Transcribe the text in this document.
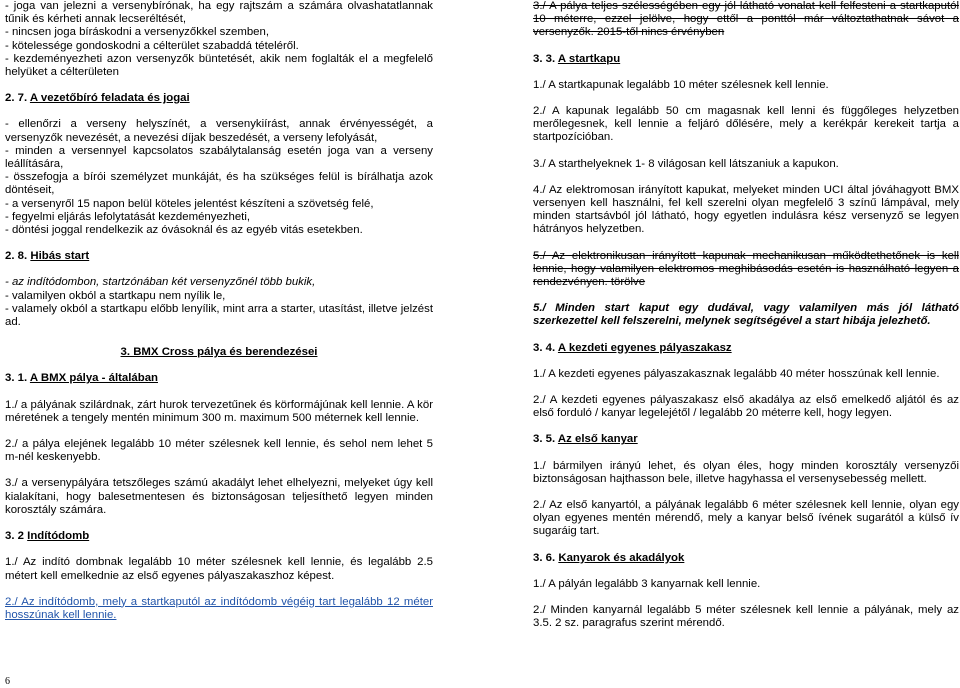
- joga van jelezni a versenybírónak, ha egy rajtszám a számára olvashatatlannak tűnik és kérheti annak lecseréltését,

- nincsen joga bíráskodni a versenyzőkkel szemben,

- kötelessége gondoskodni a célterület szabaddá tételéről.

- kezdeményezheti azon versenyzők büntetését, akik nem foglalták el a megfelelő helyüket a célterületen

2. 7. A vezetőbíró feladata és jogai

- ellenőrzi a verseny helyszínét, a versenykiírást, annak érvényességét, a versenyzők nevezését, a nevezési díjak beszedését, a verseny lefolyását,

- minden a versennyel kapcsolatos szabálytalanság esetén joga van a verseny leállítására,

- összefogja a bírói személyzet munkáját, és ha szükséges felül is bírálhatja azok döntéseit,

- a versenyről 15 napon belül köteles jelentést készíteni a szövetség felé,

- fegyelmi eljárás lefolytatását kezdeményezheti,

- döntési joggal rendelkezik az óvásoknál és az egyéb vitás esetekben.

2. 8. Hibás start

- az indítódombon, startzónában két versenyzőnél több bukik,

- valamilyen okból a startkapu nem nyílik le,

- valamely okból a startkapu előbb lenyílik, mint arra a starter, utasítást, illetve jelzést ad.

3. BMX Cross pálya és berendezései

3. 1. A BMX pálya - általában

1./ a pályának szilárdnak, zárt hurok tervezetűnek és körformájúnak kell lennie. A kör méretének a tengely mentén minimum 300 m. maximum 500 méternek kell lennie.

2./ a pálya elejének legalább 10 méter szélesnek kell lennie, és sehol nem lehet 5 m-nél keskenyebb.

3./ a versenypályára tetszőleges számú akadályt lehet elhelyezni, melyeket úgy kell kialakítani, hogy balesetmentesen és biztonságosan teljesíthető legyen minden korosztály számára.

3. 2 Indítódomb

1./ Az indító dombnak legalább 10 méter szélesnek kell lennie, és legalább 2.5 métert kell emelkednie az első egyenes pályaszakaszhoz képest.

2./ Az indítódomb, mely a startkaputól az indítódomb végéig tart legalább 12 méter hosszúnak kell lennie.

3./ A pálya teljes szélességében egy jól látható vonalat kell felfesteni a startkaputól 10 méterre, ezzel jelölve, hogy ettől a ponttól már változtathatnak sávot a versenyzők. 2015-től nincs érvényben

3. 3. A startkapu

1./ A startkapunak legalább 10 méter szélesnek kell lennie.

2./ A kapunak legalább 50 cm magasnak kell lenni és függőleges helyzetben merőlegesnek, kell lennie a feljáró dőlésére, mely a kerékpár kerekeit tartja a startpozícióban.

3./ A starthelyeknek 1- 8 világosan kell látszaniuk a kapukon.

4./ Az elektromosan irányított kapukat, melyeket minden UCI által jóváhagyott BMX versenyen kell használni, fel kell szerelni olyan megfelelő 3 színű lámpával, mely minden startsávból jól látható, hogy egyetlen indulásra kész versenyző se legyen hátrányos helyzetben.

5./ Az elektronikusan irányított kapunak mechanikusan működtethetőnek is kell lennie, hogy valamilyen elektromos meghibásodás esetén is használható legyen a rendezvényen. törölve

5./ Minden start kaput egy dudával, vagy valamilyen más jól látható szerkezettel kell felszerelni, melynek segítségével a start hibája jelezhető.

3. 4. A kezdeti egyenes pályaszakasz

1./ A kezdeti egyenes pályaszakasznak legalább 40 méter hosszúnak kell lennie.

2./ A kezdeti egyenes pályaszakasz első akadálya az első emelkedő aljától és az első forduló / kanyar legelejétől / legalább 20 méterre kell, hogy legyen.

3. 5. Az első kanyar

1./ bármilyen irányú lehet, és olyan éles, hogy minden korosztály versenyzői biztonságosan hajthasson bele, illetve hagyhassa el versenysebesség mellett.

2./ Az első kanyartól, a pályának legalább 6 méter szélesnek kell lennie, olyan egy olyan egyenes mentén mérendő, mely a kanyar belső ívének sugarától a külső ív sugaráig tart.

3. 6. Kanyarok és akadályok

1./ A pályán legalább 3 kanyarnak kell lennie.

2./ Minden kanyarnál legalább 5 méter szélesnek kell lennie a pályának, mely az 3.5. 2 sz. paragrafus szerint mérendő.

6
